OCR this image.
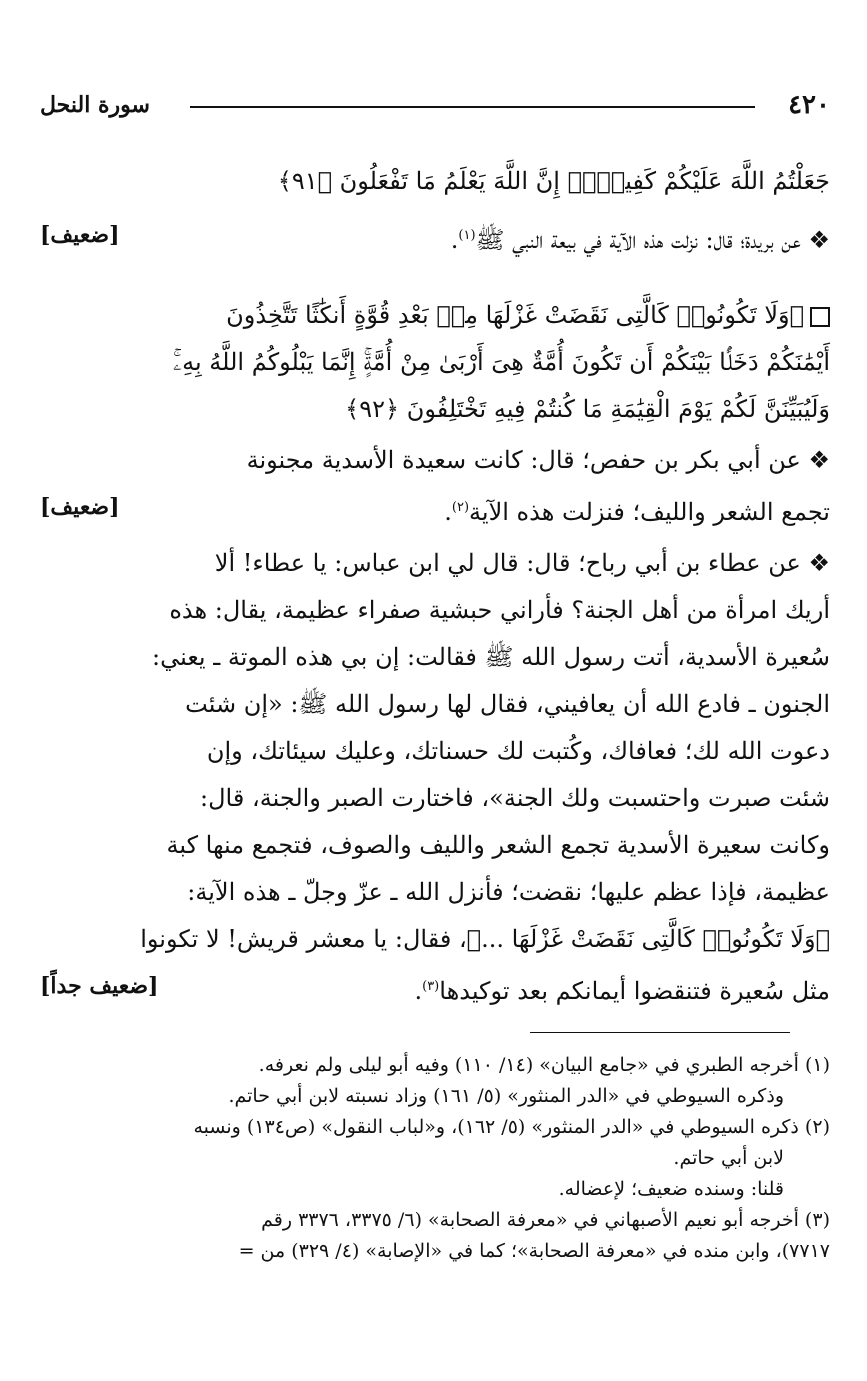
٤٢٠
سورة النحل
جَعَلْتُمُ اللَّهَ عَلَيْكُمْ كَفِيلًاۚ إِنَّ اللَّهَ يَعْلَمُ مَا تَفْعَلُونَ ﴿٩١﴾
❖ عن بريدة؛ قال: نزلت هذه الآية في بيعة النبي ﷺ$^{(١)}$.
[ضعيف]
﴿وَلَا تَكُونُوا۟ كَالَّتِى نَقَضَتْ غَزْلَهَا مِنۢ بَعْدِ قُوَّةٍ أَنكَٰثًا تَتَّخِذُونَ
أَيْمَٰنَكُمْ دَخَلًۢا بَيْنَكُمْ أَن تَكُونَ أُمَّةٌ هِىَ أَرْبَىٰ مِنْ أُمَّةٍۚ إِنَّمَا يَبْلُوكُمُ اللَّهُ بِهِۦۚ
وَلَيُبَيِّنَنَّ لَكُمْ يَوْمَ الْقِيَٰمَةِ مَا كُنتُمْ فِيهِ تَخْتَلِفُونَ ﴿٩٢﴾
❖ عن أبي بكر بن حفص؛ قال: كانت سعيدة الأسدية مجنونة
تجمع الشعر والليف؛ فنزلت هذه الآية$^{(٢)}$.
[ضعيف]
❖ عن عطاء بن أبي رباح؛ قال: قال لي ابن عباس: يا عطاء! ألا
أريك امرأة من أهل الجنة؟ فأراني حبشية صفراء عظيمة، يقال: هذه
سُعيرة الأسدية، أتت رسول الله ﷺ فقالت: إن بي هذه الموتة ـ يعني:
الجنون ـ فادع الله أن يعافيني، فقال لها رسول الله ﷺ: «إن شئت
دعوت الله لك؛ فعافاك، وكُتبت لك حسناتك، وعليك سيئاتك، وإن
شئت صبرت واحتسبت ولك الجنة»، فاختارت الصبر والجنة، قال:
وكانت سعيرة الأسدية تجمع الشعر والليف والصوف، فتجمع منها كبة
عظيمة، فإذا عظم عليها؛ نقضت؛ فأنزل الله ـ عزّ وجلّ ـ هذه الآية:
﴿وَلَا تَكُونُوا۟ كَالَّتِى نَقَضَتْ غَزْلَهَا ...﴾، فقال: يا معشر قريش! لا تكونوا
مثل سُعيرة فتنقضوا أيمانكم بعد توكيدها$^{(٣)}$.
[ضعيف جداً]
(١) أخرجه الطبري في «جامع البيان» (١٤/ ١١٠) وفيه أبو ليلى ولم نعرفه.
وذكره السيوطي في «الدر المنثور» (٥/ ١٦١) وزاد نسبته لابن أبي حاتم.
(٢) ذكره السيوطي في «الدر المنثور» (٥/ ١٦٢)، و«لباب النقول» (ص١٣٤) ونسبه
لابن أبي حاتم.
قلنا: وسنده ضعيف؛ لإعضاله.
(٣) أخرجه أبو نعيم الأصبهاني في «معرفة الصحابة» (٦/ ٣٣٧٥، ٣٣٧٦ رقم
٧٧١٧)، وابن منده في «معرفة الصحابة»؛ كما في «الإصابة» (٤/ ٣٢٩) من =
